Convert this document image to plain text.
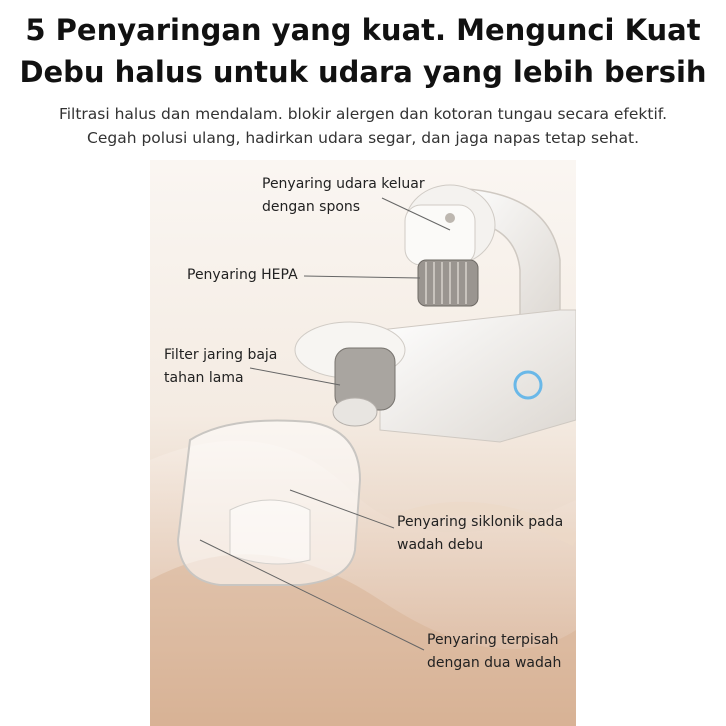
5 Penyaringan yang kuat. Mengunci Kuat
Debu halus untuk udara yang lebih bersih
Filtrasi halus dan mendalam. blokir alergen dan kotoran tungau secara efektif.
Cegah polusi ulang, hadirkan udara segar, dan jaga napas tetap sehat.
Penyaring udara keluar
dengan spons
Penyaring HEPA
Filter jaring baja
tahan lama
Penyaring siklonik pada
wadah debu
Penyaring terpisah
dengan dua wadah
